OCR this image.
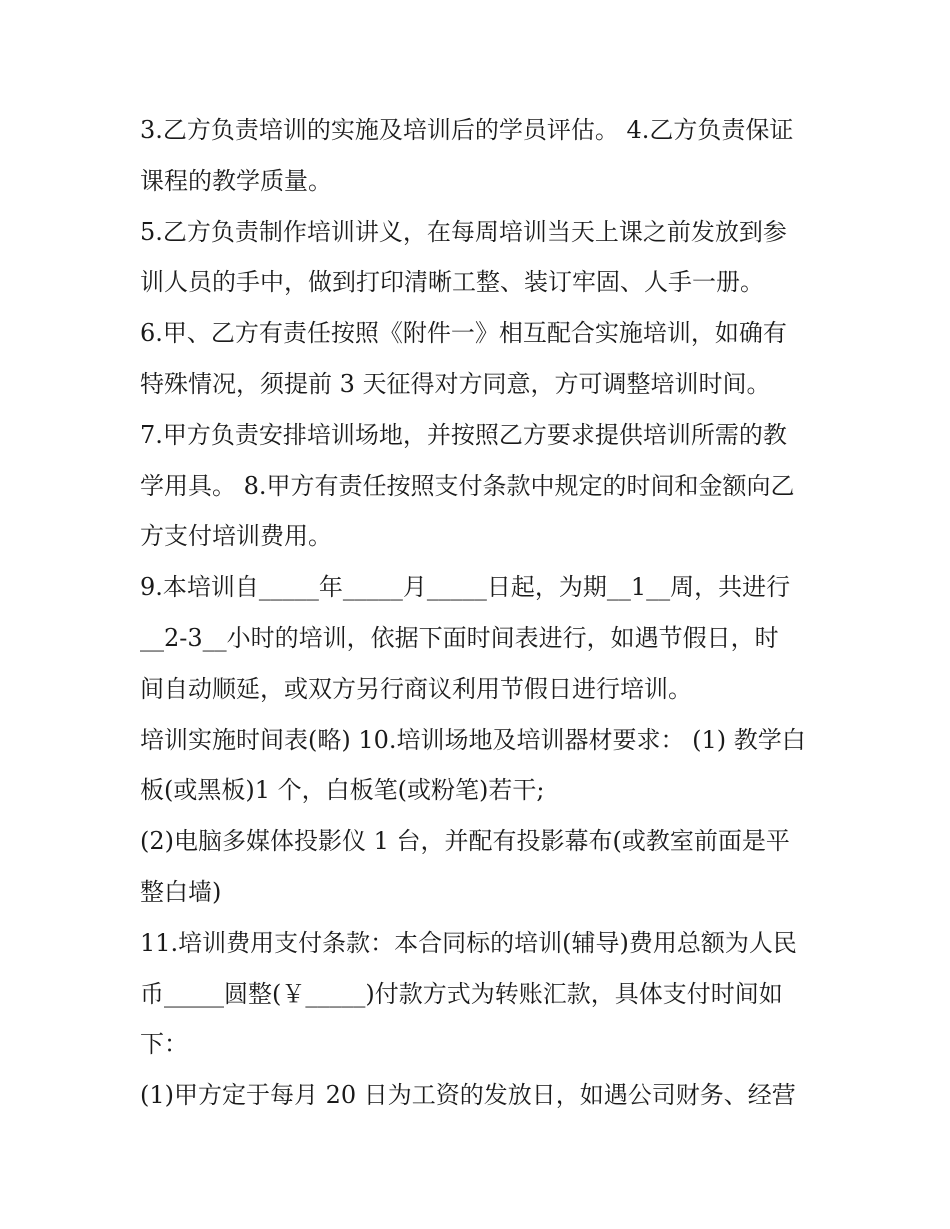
3.乙方负责培训的实施及培训后的学员评估。 4.乙方负责保证
课程的教学质量。
5.乙方负责制作培训讲义，在每周培训当天上课之前发放到参
训人员的手中，做到打印清晰工整、装订牢固、人手一册。
6.甲、乙方有责任按照《附件一》相互配合实施培训，如确有
特殊情况，须提前 3 天征得对方同意，方可调整培训时间。
7.甲方负责安排培训场地，并按照乙方要求提供培训所需的教
学用具。 8.甲方有责任按照支付条款中规定的时间和金额向乙
方支付培训费用。
9.本培训自_____年_____月_____日起，为期__1__周，共进行
__2-3__小时的培训，依据下面时间表进行，如遇节假日，时
间自动顺延，或双方另行商议利用节假日进行培训。
培训实施时间表(略) 10.培训场地及培训器材要求： (1) 教学白
板(或黑板)1 个，白板笔(或粉笔)若干;
(2)电脑多媒体投影仪 1 台，并配有投影幕布(或教室前面是平
整白墙)
11.培训费用支付条款：本合同标的培训(辅导)费用总额为人民
币_____圆整(￥_____)付款方式为转账汇款，具体支付时间如
下：
(1)甲方定于每月 20 日为工资的发放日，如遇公司财务、经营
